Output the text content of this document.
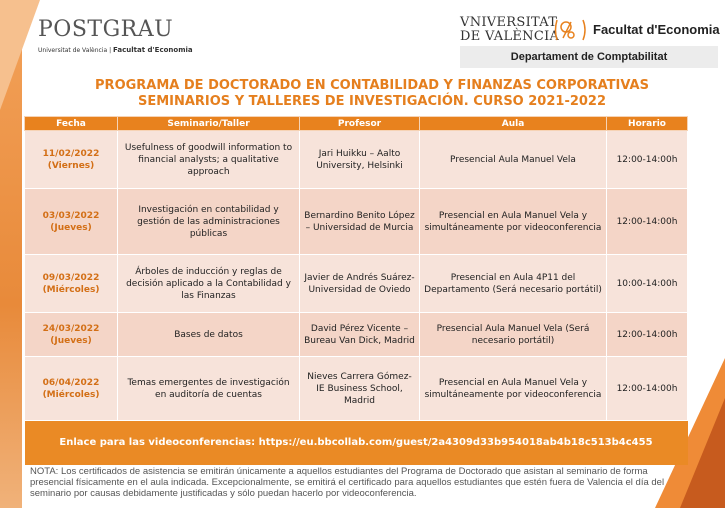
POSTGRAU
Universitat de València | Facultat d'Economia
VNIVERSITAT
DE VALÈNCIA	Facultat d'Economia
Departament de Comptabilitat
PROGRAMA DE DOCTORADO EN CONTABILIDAD Y FINANZAS CORPORATIVAS
SEMINARIOS Y TALLERES DE INVESTIGACIÓN. CURSO 2021-2022
Fecha	Seminario/Taller	Profesor	Aula	Horario

11/02/2022
(Viernes)	Usefulness of goodwill information to financial analysts; a qualitative approach	Jari Huikku – Aalto University, Helsinki	Presencial Aula Manuel Vela	12:00-14:00h

03/03/2022
(Jueves)	Investigación en contabilidad y gestión de las administraciones públicas	Bernardino Benito López – Universidad de Murcia	Presencial en Aula Manuel Vela y simultáneamente por videoconferencia	12:00-14:00h

09/03/2022
(Miércoles)	Árboles de inducción y reglas de decisión aplicado a la Contabilidad y las Finanzas	Javier de Andrés Suárez-Universidad de Oviedo	Presencial en Aula 4P11 del Departamento (Será necesario portátil)	10:00-14:00h

24/03/2022
(Jueves)	Bases de datos	David Pérez Vicente – Bureau Van Dick, Madrid	Presencial Aula Manuel Vela (Será necesario portátil)	12:00-14:00h

06/04/2022
(Miércoles)	Temas emergentes de investigación en auditoría de cuentas	Nieves Carrera Gómez- IE Business School, Madrid	Presencial en Aula Manuel Vela y simultáneamente por videoconferencia	12:00-14:00h
Enlace para las videoconferencias: https://eu.bbcollab.com/guest/2a4309d33b954018ab4b18c513b4c455				
NOTA: Los certificados de asistencia se emitirán únicamente a aquellos estudiantes del Programa de Doctorado que asistan al seminario de forma presencial físicamente en el aula indicada. Excepcionalmente, se emitirá el certificado para aquellos estudiantes que estén fuera de Valencia el día del seminario por causas debidamente justificadas y sólo puedan hacerlo por videoconferencia.
